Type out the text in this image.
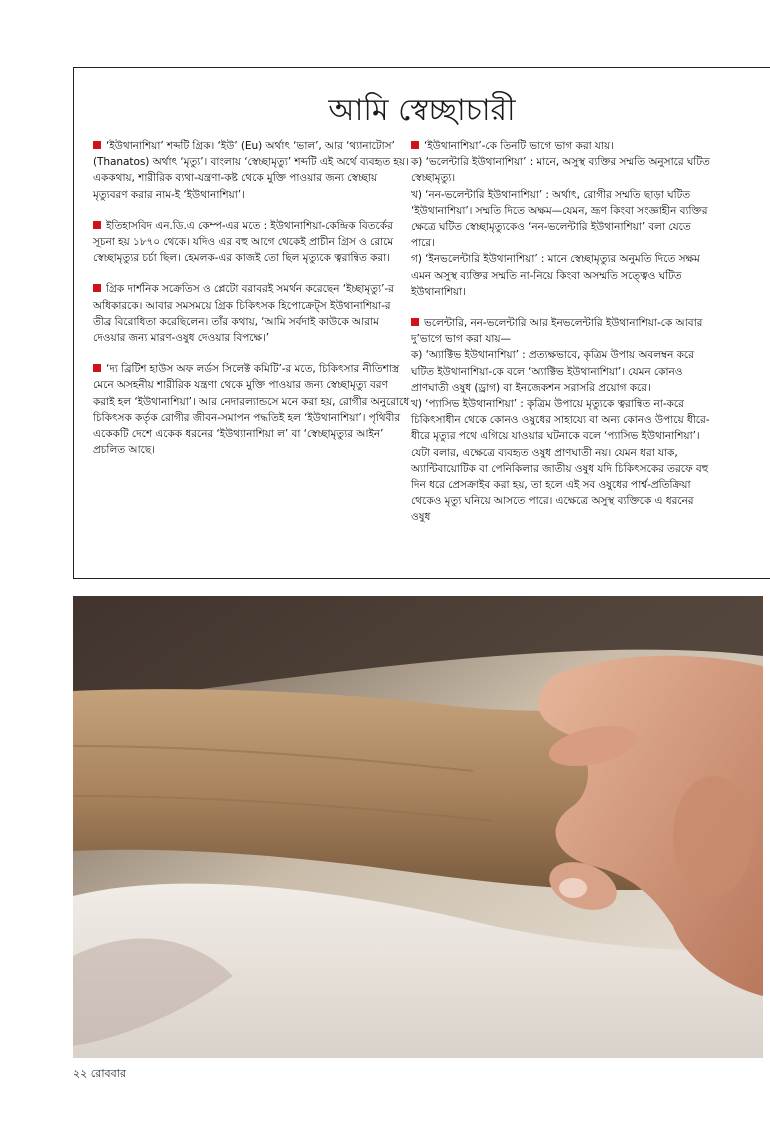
আমি স্বেচ্ছাচারী

‘ইউথানাশিয়া’ শব্দটি গ্রিক। ‘ইউ’ (Eu) অর্থাৎ ‘ভাল’, আর ‘থ্যানাটোস’ (Thanatos) অর্থাৎ ‘মৃত্যু’। বাংলায় ‘স্বেচ্ছামৃত্যু’ শব্দটি এই অর্থে ব্যবহৃত হয়। এককথায়, শারীরিক ব্যথা-যন্ত্রণা-কষ্ট থেকে মুক্তি পাওয়ার জন্য স্বেচ্ছায় মৃত্যুবরণ করার নাম-ই ‘ইউথানাশিয়া’।

ইতিহাসবিদ এন.ডি.এ কেম্প-এর মতে : ইউথানাশিয়া-কেন্দ্রিক বিতর্কের সূচনা হয় ১৮৭০ থেকে। যদিও এর বহু আগে থেকেই প্রাচীন গ্রিস ও রোমে স্বেচ্ছামৃত্যুর চর্চা ছিল। হেমলক-এর কাজই তো ছিল মৃত্যুকে ত্বরান্বিত করা।

গ্রিক দার্শনিক সক্রেতিস ও প্লেটো বরাবরই সমর্থন করেছেন ‘ইচ্ছামৃত্যু’-র অধিকারকে। আবার সমসময়ে গ্রিক চিকিৎসক হিপোক্রেট্স ইউথানাশিয়া-র তীব্র বিরোধিতা করেছিলেন। তাঁর কথায়, ‘আমি সর্বদাই কাউকে আরাম দেওয়ার জন্য মারণ-ওষুধ দেওয়ার বিপক্ষে।’

‘দ্য ব্রিটিশ হাউস অফ লর্ডস সিলেক্ট কমিটি’-র মতে, চিকিৎসার নীতিশাস্ত্র মেনে অসহনীয় শারীরিক যন্ত্রণা থেকে মুক্তি পাওয়ার জন্য স্বেচ্ছামৃত্যু বরণ করাই হল ‘ইউথানাশিয়া’। আর নেদারল্যান্ডসে মনে করা হয়, রোগীর অনুরোধে চিকিৎসক কর্তৃক রোগীর জীবন-সমাপন পদ্ধতিই হল ‘ইউথানাশিয়া’। পৃথিবীর একেকটি দেশে একেক ধরনের ‘ইউথ্যানাশিয়া ল’ বা ‘স্বেচ্ছামৃত্যুর আইন’ প্রচলিত আছে।

‘ইউথানাশিয়া’-কে তিনটি ভাগে ভাগ করা যায়।
ক) ‘ভলেন্টারি ইউথানাশিয়া’ : মানে, অসুস্থ ব্যক্তির সম্মতি অনুসারে ঘটিত স্বেচ্ছামৃত্যু।
খ) ‘নন-ভলেন্টারি ইউথানাশিয়া’ : অর্থাৎ, রোগীর সম্মতি ছাড়া ঘটিত ‘ইউথানাশিয়া’। সম্মতি দিতে অক্ষম—যেমন, ভ্রূণ কিংবা সংজ্ঞাহীন ব্যক্তির ক্ষেত্রে ঘটিত স্বেচ্ছামৃত্যুকেও ‘নন-ভলেন্টারি ইউথানাশিয়া’ বলা যেতে পারে।
গ) ‘ইনভলেন্টারি ইউথানাশিয়া’ : মানে স্বেচ্ছামৃত্যুর অনুমতি দিতে সক্ষম এমন অসুস্থ ব্যক্তির সম্মতি না-নিয়ে কিংবা অসম্মতি সত্ত্বেও ঘটিত ইউথানাশিয়া।
ভলেন্টারি, নন-ভলেন্টারি আর ইনভলেন্টারি ইউথানাশিয়া-কে আবার দু’ভাগে ভাগ করা যায়—
ক) ‘অ্যাক্টিভ ইউথানাশিয়া’ : প্রত্যক্ষভাবে, কৃত্রিম উপায় অবলম্বন করে ঘটিত ইউথানাশিয়া-কে বলে ‘অ্যাক্টিভ ইউথানাশিয়া’। যেমন কোনও প্রাণঘাতী ওষুধ (ড্রাগ) বা ইনজেকশন সরাসরি প্রয়োগ করে।
খ) ‘প্যাসিভ ইউথানাশিয়া’ : কৃত্রিম উপায়ে মৃত্যুকে ত্বরান্বিত না-করে চিকিৎসাধীন থেকে কোনও ওষুধের সাহায্যে বা অন্য কোনও উপায়ে ধীরে-ধীরে মৃত্যুর পথে এগিয়ে যাওয়ার ঘটনাকে বলে ‘প্যাসিভ ইউথানাশিয়া’। যেটা বলার, এক্ষেত্রে ব্যবহৃত ওষুধ প্রাণঘাতী নয়। যেমন ধরা যাক, অ্যান্টিবায়োটিক বা পেনিকিলার জাতীয় ওষুধ যদি চিকিৎসকের তরফে বহু দিন ধরে প্রেসক্রাইব করা হয়, তা হলে এই সব ওষুধের পার্শ্ব-প্রতিক্রিয়া থেকেও মৃত্যু ঘনিয়ে আসতে পারে। এক্ষেত্রে অসুস্থ ব্যক্তিকে এ ধরনের ওষুধ
২২ রোববার
